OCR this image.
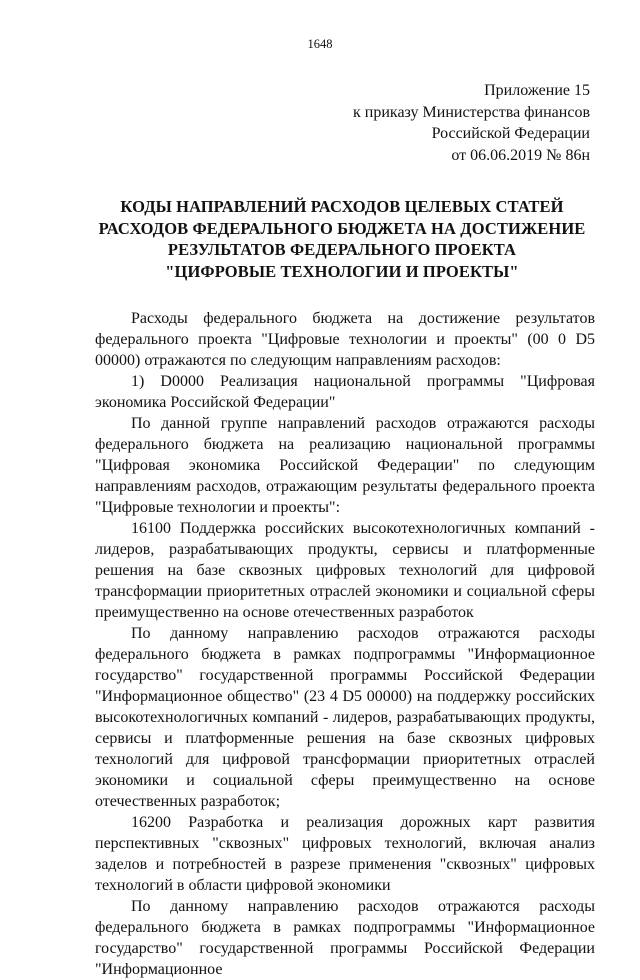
1648
Приложение 15
к приказу Министерства финансов
Российской Федерации
от 06.06.2019 № 86н
КОДЫ НАПРАВЛЕНИЙ РАСХОДОВ ЦЕЛЕВЫХ СТАТЕЙ
РАСХОДОВ ФЕДЕРАЛЬНОГО БЮДЖЕТА НА ДОСТИЖЕНИЕ
РЕЗУЛЬТАТОВ ФЕДЕРАЛЬНОГО ПРОЕКТА
"ЦИФРОВЫЕ ТЕХНОЛОГИИ И ПРОЕКТЫ"

Расходы федерального бюджета на достижение результатов федерального проекта "Цифровые технологии и проекты" (00 0 D5 00000) отражаются по следующим направлениям расходов:

1) D0000 Реализация национальной программы "Цифровая экономика Российской Федерации"

По данной группе направлений расходов отражаются расходы федерального бюджета на реализацию национальной программы "Цифровая экономика Российской Федерации" по следующим направлениям расходов, отражающим результаты федерального проекта "Цифровые технологии и проекты":

16100 Поддержка российских высокотехнологичных компаний - лидеров, разрабатывающих продукты, сервисы и платформенные решения на базе сквозных цифровых технологий для цифровой трансформации приоритетных отраслей экономики и социальной сферы преимущественно на основе отечественных разработок

По данному направлению расходов отражаются расходы федерального бюджета в рамках подпрограммы "Информационное государство" государственной программы Российской Федерации "Информационное общество" (23 4 D5 00000) на поддержку российских высокотехнологичных компаний - лидеров, разрабатывающих продукты, сервисы и платформенные решения на базе сквозных цифровых технологий для цифровой трансформации приоритетных отраслей экономики и социальной сферы преимущественно на основе отечественных разработок;

16200 Разработка и реализация дорожных карт развития перспективных "сквозных" цифровых технологий, включая анализ заделов и потребностей в разрезе применения "сквозных" цифровых технологий в области цифровой экономики

По данному направлению расходов отражаются расходы федерального бюджета в рамках подпрограммы "Информационное государство" государственной программы Российской Федерации "Информационное
